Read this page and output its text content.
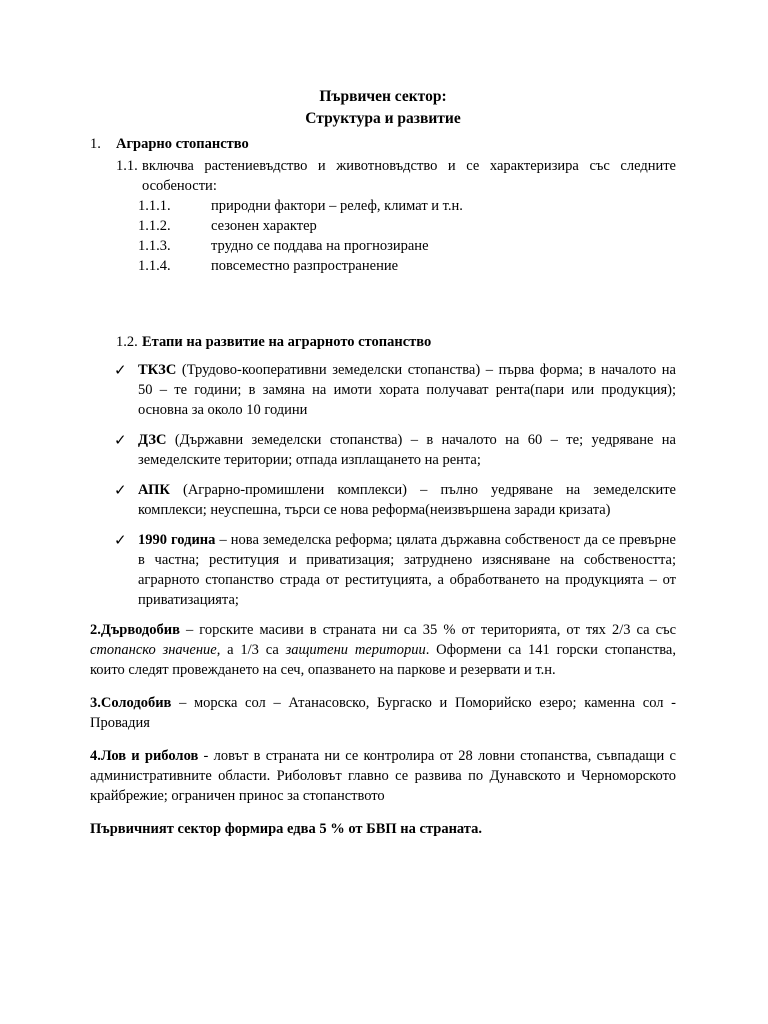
Първичен сектор:
Структура и развитие
1. Аграрно стопанство
1.1. включва растениевъдство и животновъдство и се характеризира със следните особености:
1.1.1.	природни фактори – релеф, климат и т.н.
1.1.2.	сезонен характер
1.1.3.	трудно се поддава на прогнозиране
1.1.4.	повсеместно разпространение
1.2. Етапи на развитие на аграрното стопанство
✓ ТКЗС (Трудово-кооперативни земеделски стопанства) – първа форма; в началото на 50 – те години; в замяна на имоти хората получават рента(пари или продукция); основна за около 10 години
✓ ДЗС (Държавни земеделски стопанства) – в началото на 60 – те; уедряване на земеделските територии; отпада изплащането на рента;
✓ АПК (Аграрно-промишлени комплекси) – пълно уедряване на земеделските комплекси; неуспешна, търси се нова реформа(неизвършена заради кризата)
✓ 1990 година – нова земеделска реформа; цялата държавна собственост да се превърне в частна; реституция и приватизация; затруднено изясняване на собствеността; аграрното стопанство страда от реституцията, а обработването на продукцията – от приватизацията;
2.Дърводобив – горските масиви в страната ни са 35 % от територията, от тях 2/3 са със стопанско значение, а 1/3 са защитени територии. Оформени са 141 горски стопанства, които следят провеждането на сеч, опазването на паркове и резервати и т.н.
3.Солодобив – морска сол – Атанасовско, Бургаско и Поморийско езеро; каменна сол - Провадия
4.Лов и риболов - ловът в страната ни се контролира от 28 ловни стопанства, съвпадащи с административните области. Риболовът главно се развива по Дунавското и Черноморското крайбрежие; ограничен принос за стопанството
Първичният сектор формира едва 5 % от БВП на страната.
